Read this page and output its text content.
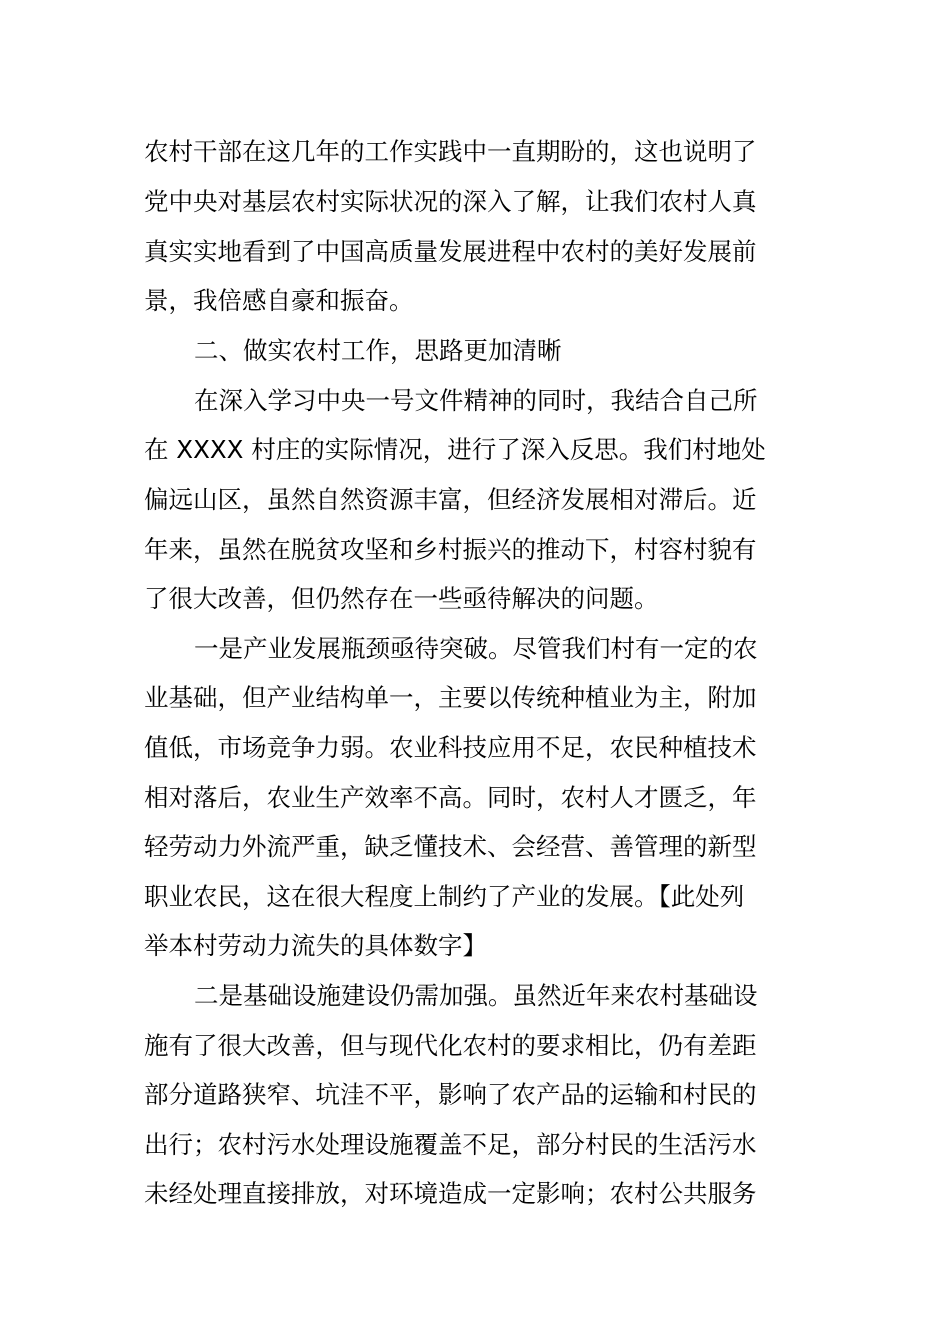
农村干部在这几年的工作实践中一直期盼的，这也说明了
党中央对基层农村实际状况的深入了解，让我们农村人真
真实实地看到了中国高质量发展进程中农村的美好发展前
景，我倍感自豪和振奋。
二、做实农村工作，思路更加清晰
在深入学习中央一号文件精神的同时，我结合自己所
在 XXXX 村庄的实际情况，进行了深入反思。我们村地处
偏远山区，虽然自然资源丰富，但经济发展相对滞后。近
年来，虽然在脱贫攻坚和乡村振兴的推动下，村容村貌有
了很大改善，但仍然存在一些亟待解决的问题。
一是产业发展瓶颈亟待突破。尽管我们村有一定的农
业基础，但产业结构单一，主要以传统种植业为主，附加
值低，市场竞争力弱。农业科技应用不足，农民种植技术
相对落后，农业生产效率不高。同时，农村人才匮乏，年
轻劳动力外流严重，缺乏懂技术、会经营、善管理的新型
职业农民，这在很大程度上制约了产业的发展。【此处列
举本村劳动力流失的具体数字】
二是基础设施建设仍需加强。虽然近年来农村基础设
施有了很大改善，但与现代化农村的要求相比，仍有差距
部分道路狭窄、坑洼不平，影响了农产品的运输和村民的
出行；农村污水处理设施覆盖不足，部分村民的生活污水
未经处理直接排放，对环境造成一定影响；农村公共服务
